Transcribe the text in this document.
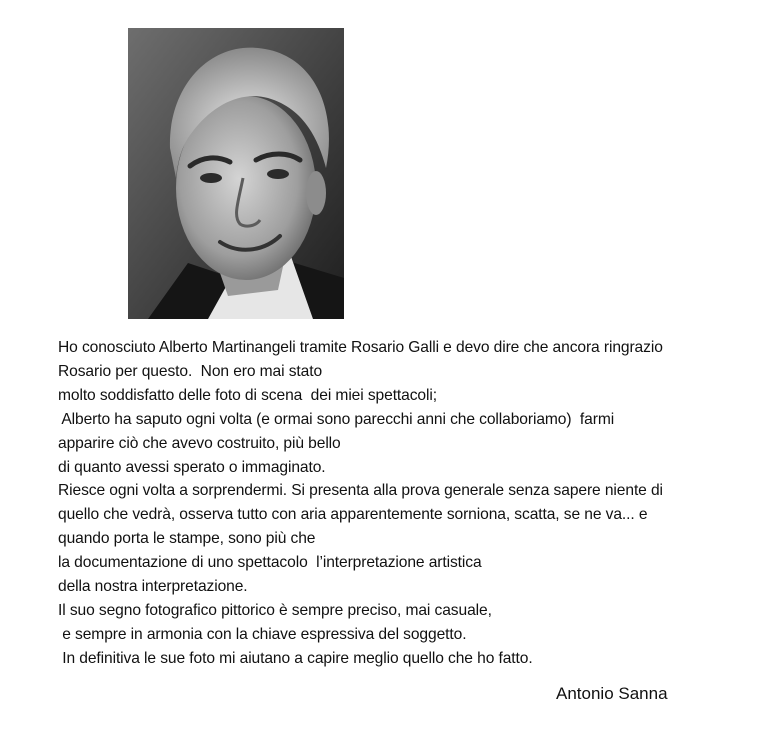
Ho conosciuto Alberto Martinangeli tramite Rosario Galli e devo dire che ancora ringrazio
Rosario per questo.  Non ero mai stato
molto soddisfatto delle foto di scena  dei miei spettacoli;
Alberto ha saputo ogni volta (e ormai sono parecchi anni che collaboriamo)  farmi
apparire ciò che avevo costruito, più bello
di quanto avessi sperato o immaginato.
Riesce ogni volta a sorprendermi. Si presenta alla prova generale senza sapere niente di
quello che vedrà, osserva tutto con aria apparentemente sorniona, scatta, se ne va... e
quando porta le stampe, sono più che
la documentazione di uno spettacolo  l’interpretazione artistica
della nostra interpretazione.
Il suo segno fotografico pittorico è sempre preciso, mai casuale,
e sempre in armonia con la chiave espressiva del soggetto.
In definitiva le sue foto mi aiutano a capire meglio quello che ho fatto.
Antonio Sanna
